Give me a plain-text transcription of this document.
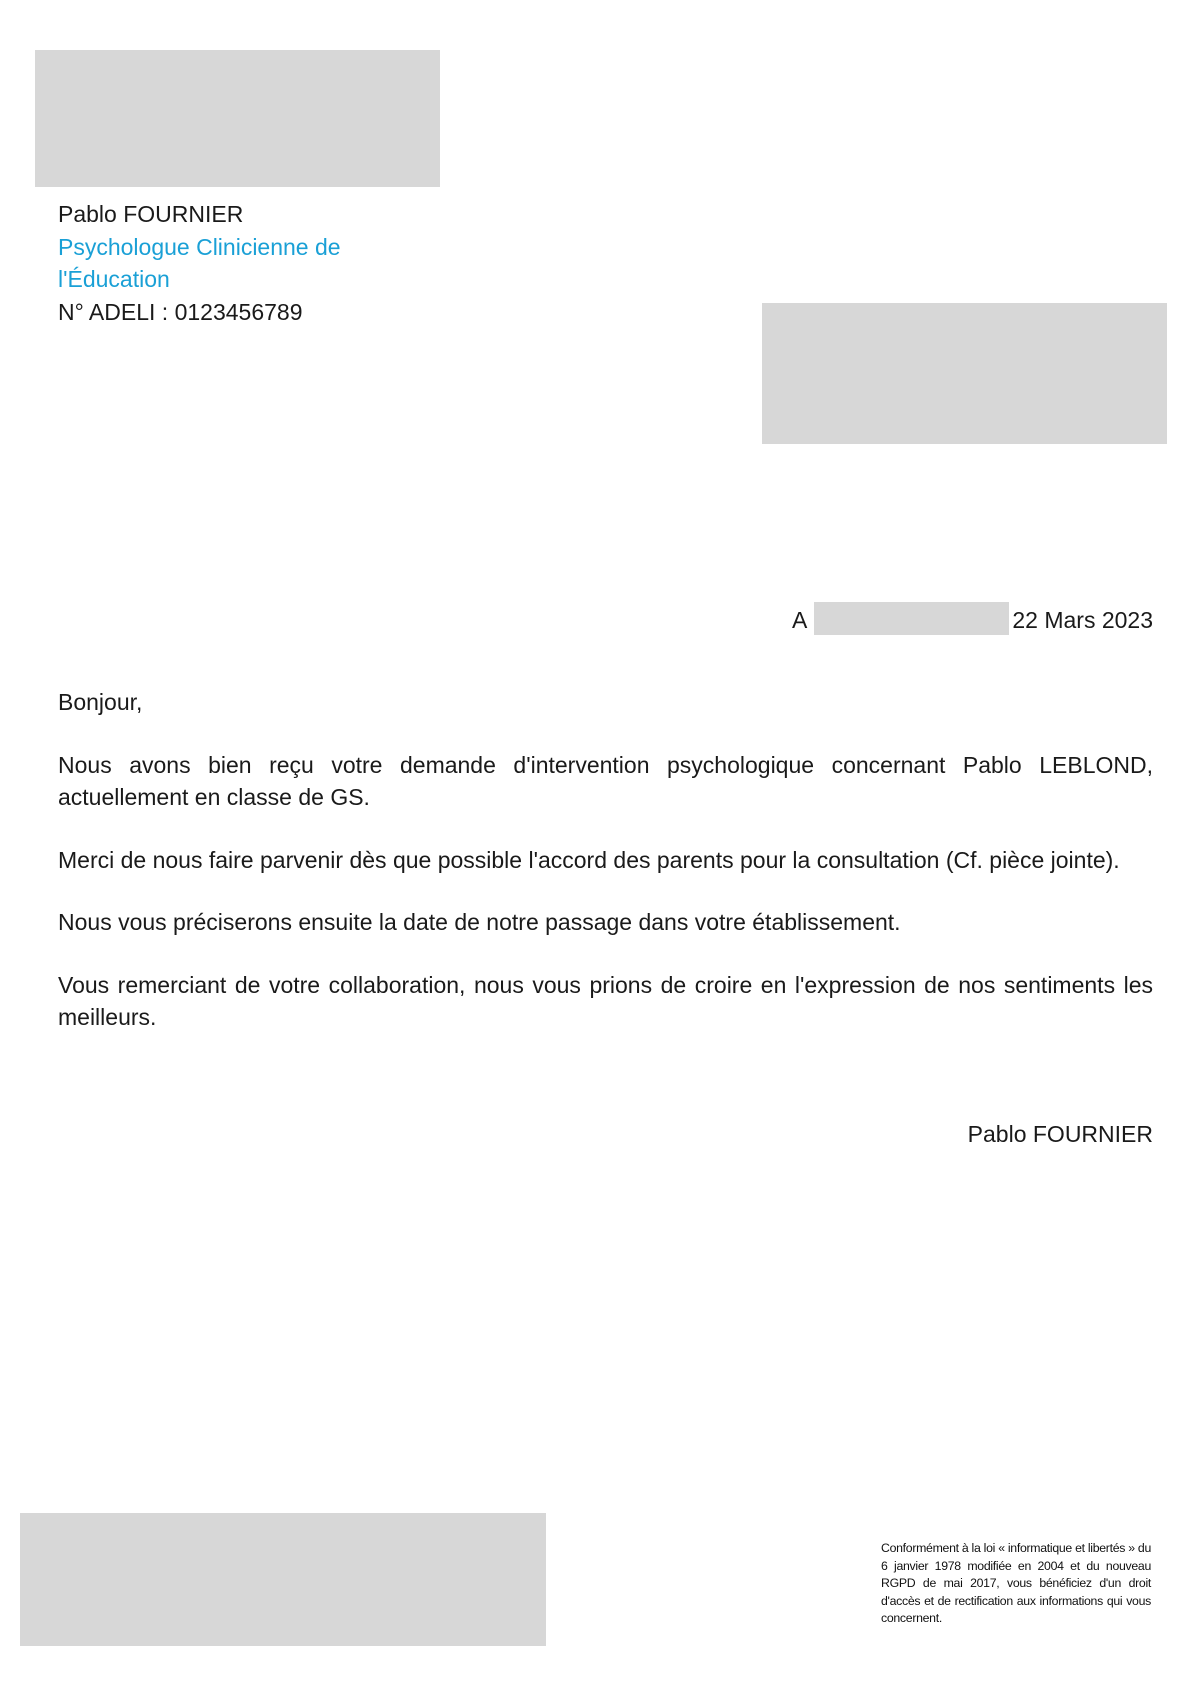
Pablo FOURNIER
Psychologue Clinicienne de l'Éducation
N° ADELI : 0123456789
A	22 Mars 2023

Bonjour,

Nous avons bien reçu votre demande d'intervention psychologique concernant Pablo LEBLOND, actuellement en classe de GS.

Merci de nous faire parvenir dès que possible l'accord des parents pour la consultation (Cf. pièce jointe).

Nous vous préciserons ensuite la date de notre passage dans votre établissement.

Vous remerciant de votre collaboration, nous vous prions de croire en l'expression de nos sentiments les meilleurs.

Pablo FOURNIER
Conformément à la loi « informatique et libertés » du 6 janvier 1978 modifiée en 2004 et du nouveau RGPD de mai 2017, vous bénéficiez d'un droit d'accès et de rectification aux informations qui vous concernent.
